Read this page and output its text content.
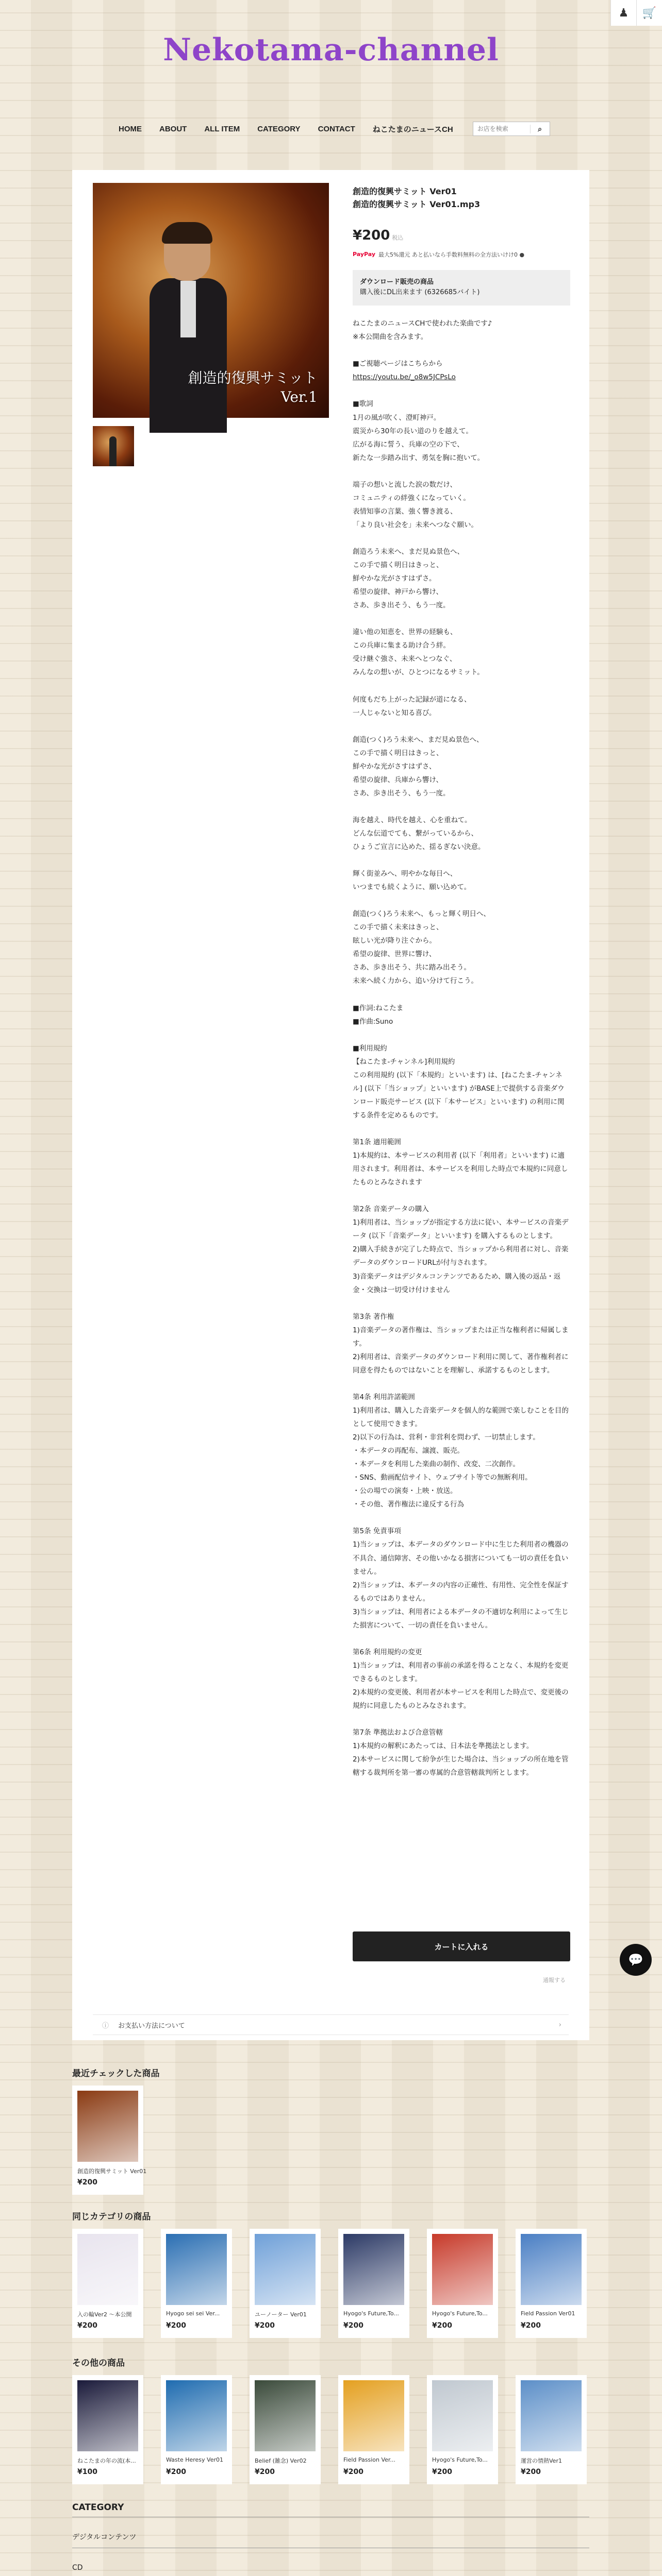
♟	🛒
Nekotama-channel
HOME ABOUT ALL ITEM CATEGORY CONTACT ねこたまのニュースCH
お店を検索	⌕
創造的復興サミット
Ver.1
創造的復興サミット Ver01
創造的復興サミット Ver01.mp3
¥200 税込
PayPay 最大5%還元 あと払いなら手数料無料の全方法いけけ0 ●
ダウンロード販売の商品
購入後にDL出来ます (6326685バイト)
ねこたまのニュースCHで使われた楽曲です♪
※本公開曲を含みます。

■ご視聴ページはこちらから
https://youtu.be/_o8w5JCPsLo

■歌詞
1月の風が吹く、澄町神戸。
震災から30年の長い道のりを越えて。
広がる海に誓う、兵庫の空の下で、
新たな一歩踏み出す、勇気を胸に抱いて。

端子の想いと流した涙の数だけ、
コミュニティの絆強くになっていく。
表情知事の言葉、強く響き渡る、
「より良い社会を」未来へつなぐ願い。

創造ろう未来へ、まだ見ぬ景色へ、
この手で描く明日はきっと、
鮮やかな光がさすはずさ。
希望の旋律、神戸から響け、
さあ、歩き出そう、もう一度。

違い他の知恵を、世界の経験も、
この兵庫に集まる助け合う絆。
受け継ぐ強さ、未来へとつなぐ、
みんなの想いが、ひとつになるサミット。

何度もだち上がった記録が道になる、
一人じゃないと知る喜び。

創造(つく)ろう未来へ、まだ見ぬ景色へ、
この手で描く明日はきっと、
鮮やかな光がさすはずさ、
希望の旋律、兵庫から響け、
さあ、歩き出そう、もう一度。

海を越え、時代を越え、心を重ねて。
どんな伝道でても、繋がっているから、
ひょうご宣言に込めた、揺るぎない決意。

輝く街並みへ、明やかな毎日へ、
いつまでも続くように、願い込めて。

創造(つく)ろう未来へ、もっと輝く明日へ、
この手で描く未来はきっと、
眩しい光が降り注ぐから。
希望の旋律、世界に響け、
さあ、歩き出そう、共に踏み出そう。
未来へ続く力から、追い分けて行こう。

■作詞:ねこたま
■作曲:Suno

■利用規約
【ねこたま-チャンネル]利用規約
この利用規約 (以下「本規約」といいます) は、[ねこたま-チャンネル] (以下「当ショップ」といいます) がBASE上で提供する音楽ダウンロード販売サービス (以下「本サービス」といいます) の利用に関する条件を定めるものです。

第1条 適用範囲
1)本規約は、本サービスの利用者 (以下「利用者」といいます) に適用されます。利用者は、本サービスを利用した時点で本規約に同意したものとみなされます

第2条 音楽データの購入
1)利用者は、当ショップが指定する方法に従い、本サービスの音楽データ (以下「音楽データ」といいます) を購入するものとします。
2)購入手続きが完了した時点で、当ショップから利用者に対し、音楽データのダウンロードURLが付与されます。
3)音楽データはデジタルコンテンツであるため、購入後の返品・返金・交換は一切受け付けません

第3条 著作権
1)音楽データの著作権は、当ショップまたは正当な権利者に帰属します。
2)利用者は、音楽データのダウンロード利用に関して、著作権利者に同意を得たものではないことを理解し、承諾するものとします。

第4条 利用許諾範囲
1)利用者は、購入した音楽データを個人的な範囲で楽しむことを目的として使用できます。
2)以下の行為は、営利・非営利を問わず、一切禁止します。
・本データの再配布、譲渡、販売。
・本データを利用した楽曲の制作、改変、二次創作。
・SNS、動画配信サイト、ウェブサイト等での無断利用。
・公の場での演奏・上映・放送。
・その他、著作権法に違反する行為

第5条 免責事項
1)当ショップは、本データのダウンロード中に生じた利用者の機器の不具合、通信障害、その他いかなる損害についても一切の責任を負いません。
2)当ショップは、本データの内容の正確性、有用性、完全性を保証するものではありません。
3)当ショップは、利用者による本データの不適切な利用によって生じた損害について、一切の責任を負いません。

第6条 利用規約の変更
1)当ショップは、利用者の事前の承諾を得ることなく、本規約を変更できるものとします。
2)本規約の変更後、利用者が本サービスを利用した時点で、変更後の規約に同意したものとみなされます。

第7条 準拠法および合意管轄
1)本規約の解釈にあたっては、日本法を準拠法とします。
2)本サービスに関して紛争が生じた場合は、当ショップの所在地を管轄する裁判所を第一審の専属的合意管轄裁判所とします。
通報する
ⓘ お支払い方法について	›
カートに入れる
💬
最近チェックした商品
創造的復興サミット Ver01
¥200
同じカテゴリの商品
入の輪Ver2 〜本公開
¥200
Hyogo sei sei Ver...
¥200
ユーノーター Ver01
¥200
Hyogo's Future,To...
¥200
Hyogo's Future,To...
¥200
Field Passion Ver01
¥200
その他の商品
ねこたまの年の流(本...
¥100
Waste Heresy Ver01
¥200
Belief (雑念) Ver02
¥200
Field Passion Ver...
¥200
Hyogo's Future,To...
¥200
運営の情熱Ver1
¥200
CATEGORY
デジタルコンテンツ
CD
